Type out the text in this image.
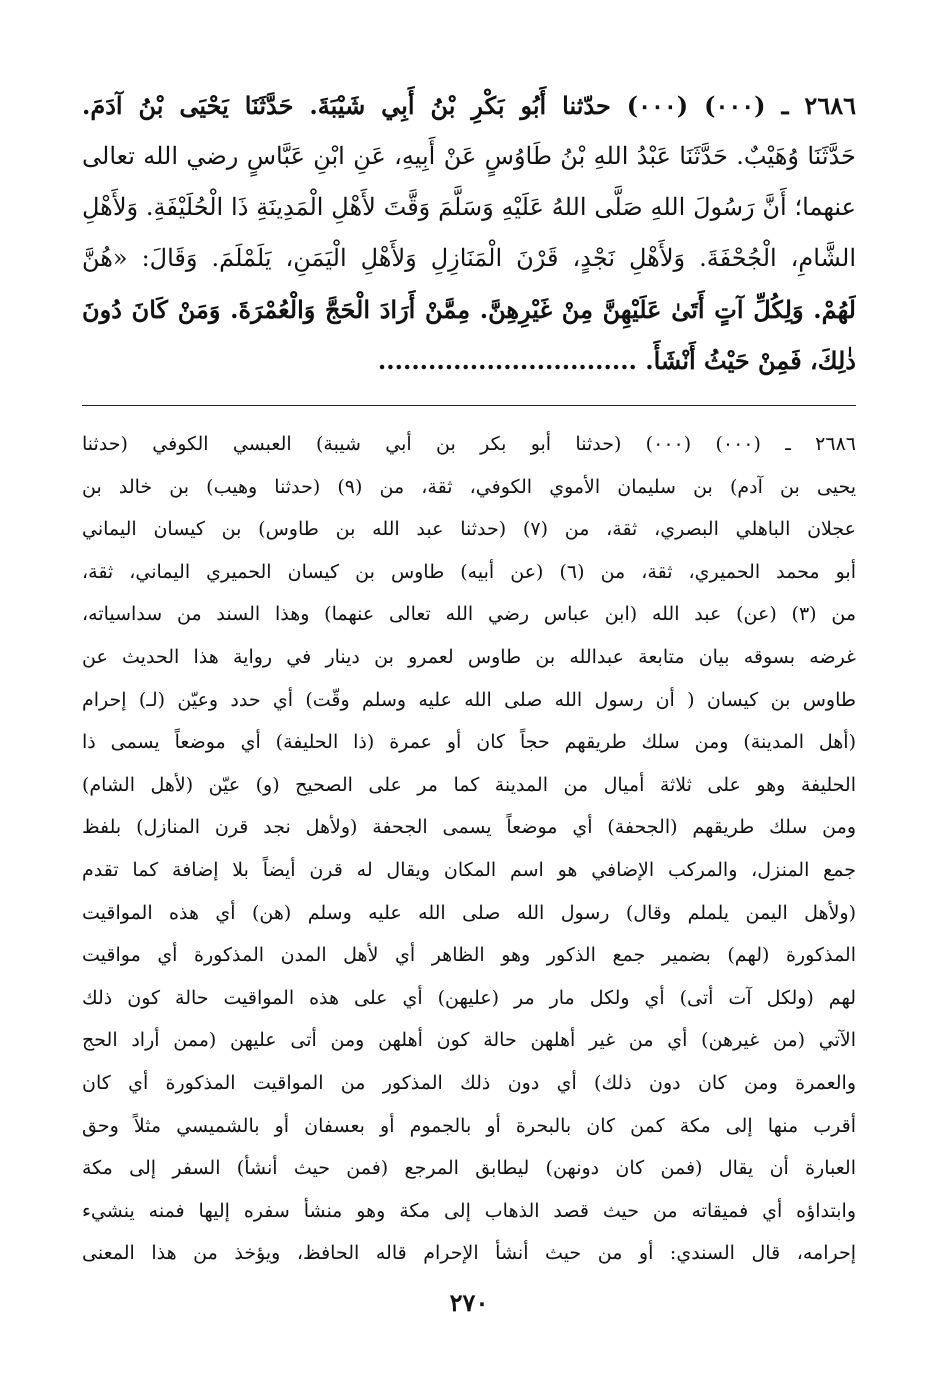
٢٦٨٦ ـ (٠٠٠) (٠٠٠) حدّثنا أَبُو بَكْرِ بْنُ أَبِي شَيْبَةَ. حَدَّثَنَا يَحْيَى بْنُ آدَمَ.
حَدَّثَنَا وُهَيْبٌ. حَدَّثَنَا عَبْدُ اللهِ بْنُ طَاوُسٍ عَنْ أَبِيهِ، عَنِ ابْنِ عَبَّاسٍ رضي الله تعالى
عنهما؛ أَنَّ رَسُولَ اللهِ صَلَّى اللهُ عَلَيْهِ وَسَلَّمَ وَقَّتَ لأَهْلِ الْمَدِينَةِ ذَا الْحُلَيْفَةِ. وَلأَهْلِ
الشَّامِ، الْجُحْفَةَ. وَلأَهْلِ نَجْدٍ، قَرْنَ الْمَنَازِلِ وَلأَهْلِ الْيَمَنِ، يَلَمْلَمَ. وَقَالَ: «هُنَّ
لَهُمْ. وَلِكُلِّ آتٍ أَتَىٰ عَلَيْهِنَّ مِنْ غَيْرِهِنَّ. مِمَّنْ أَرَادَ الْحَجَّ وَالْعُمْرَةَ. وَمَنْ كَانَ دُونَ
ذٰلِكَ، فَمِنْ حَيْثُ أَنْشَأَ. ...............................
٢٦٨٦ ـ (٠٠٠) (٠٠٠) (حدثنا أبو بكر بن أبي شيبة) العبسي الكوفي (حدثنا
يحيى بن آدم) بن سليمان الأموي الكوفي، ثقة، من (٩) (حدثنا وهيب) بن خالد بن
عجلان الباهلي البصري، ثقة، من (٧) (حدثنا عبد الله بن طاوس) بن كيسان اليماني
أبو محمد الحميري، ثقة، من (٦) (عن أبيه) طاوس بن كيسان الحميري اليماني، ثقة،
من (٣) (عن) عبد الله (ابن عباس رضي الله تعالى عنهما) وهذا السند من سداسياته،
غرضه بسوقه بيان متابعة عبدالله بن طاوس لعمرو بن دينار في رواية هذا الحديث عن
طاوس بن كيسان ( أن رسول الله صلى الله عليه وسلم وقّت) أي حدد وعيّن (لـ) إحرام
(أهل المدينة) ومن سلك طريقهم حجاً كان أو عمرة (ذا الحليفة) أي موضعاً يسمى ذا
الحليفة وهو على ثلاثة أميال من المدينة كما مر على الصحيح (و) عيّن (لأهل الشام)
ومن سلك طريقهم (الجحفة) أي موضعاً يسمى الجحفة (ولأهل نجد قرن المنازل) بلفظ
جمع المنزل، والمركب الإضافي هو اسم المكان ويقال له قرن أيضاً بلا إضافة كما تقدم
(ولأهل اليمن يلملم وقال) رسول الله صلى الله عليه وسلم (هن) أي هذه المواقيت
المذكورة (لهم) بضمير جمع الذكور وهو الظاهر أي لأهل المدن المذكورة أي مواقيت
لهم (ولكل آت أتى) أي ولكل مار مر (عليهن) أي على هذه المواقيت حالة كون ذلك
الآتي (من غيرهن) أي من غير أهلهن حالة كون أهلهن ومن أتى عليهن (ممن أراد الحج
والعمرة ومن كان دون ذلك) أي دون ذلك المذكور من المواقيت المذكورة أي كان
أقرب منها إلى مكة كمن كان بالبحرة أو بالجموم أو بعسفان أو بالشميسي مثلاً وحق
العبارة أن يقال (فمن كان دونهن) ليطابق المرجع (فمن حيث أنشأ) السفر إلى مكة
وابتداؤه أي فميقاته من حيث قصد الذهاب إلى مكة وهو منشأ سفره إليها فمنه ينشيء
إحرامه، قال السندي: أو من حيث أنشأ الإحرام قاله الحافظ، ويؤخذ من هذا المعنى
٢٧٠
